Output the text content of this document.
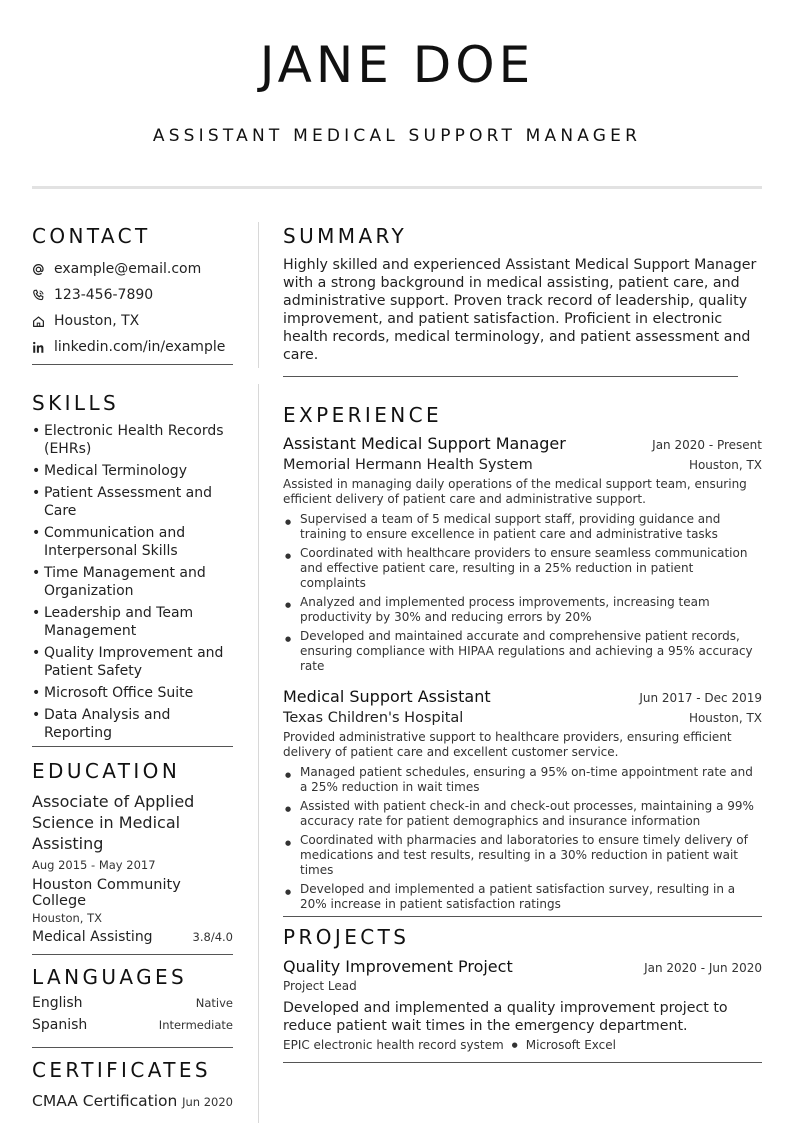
JANE DOE
ASSISTANT MEDICAL SUPPORT MANAGER
CONTACT
example@email.com
123-456-7890
Houston, TX
linkedin.com/in/example
SKILLS
• Electronic Health Records (EHRs)
• Medical Terminology
• Patient Assessment and Care
• Communication and Interpersonal Skills
• Time Management and Organization
• Leadership and Team Management
• Quality Improvement and Patient Safety
• Microsoft Office Suite
• Data Analysis and Reporting
EDUCATION
Associate of Applied Science in Medical Assisting
Aug 2015 - May 2017
Houston Community College
Houston, TX
Medical Assisting	3.8/4.0
LANGUAGES
English	Native
Spanish	Intermediate
CERTIFICATES
CMAA Certification Jun 2020
SUMMARY
Highly skilled and experienced Assistant Medical Support Manager with a strong background in medical assisting, patient care, and administrative support. Proven track record of leadership, quality improvement, and patient satisfaction. Proficient in electronic health records, medical terminology, and patient assessment and care.
EXPERIENCE
Assistant Medical Support Manager	Jan 2020 - Present
Memorial Hermann Health System	Houston, TX
Assisted in managing daily operations of the medical support team, ensuring efficient delivery of patient care and administrative support.
● Supervised a team of 5 medical support staff, providing guidance and training to ensure excellence in patient care and administrative tasks
● Coordinated with healthcare providers to ensure seamless communication and effective patient care, resulting in a 25% reduction in patient complaints
● Analyzed and implemented process improvements, increasing team productivity by 30% and reducing errors by 20%
● Developed and maintained accurate and comprehensive patient records, ensuring compliance with HIPAA regulations and achieving a 95% accuracy rate
Medical Support Assistant	Jun 2017 - Dec 2019
Texas Children's Hospital	Houston, TX
Provided administrative support to healthcare providers, ensuring efficient delivery of patient care and excellent customer service.
● Managed patient schedules, ensuring a 95% on-time appointment rate and a 25% reduction in wait times
● Assisted with patient check-in and check-out processes, maintaining a 99% accuracy rate for patient demographics and insurance information
● Coordinated with pharmacies and laboratories to ensure timely delivery of medications and test results, resulting in a 30% reduction in patient wait times
● Developed and implemented a patient satisfaction survey, resulting in a 20% increase in patient satisfaction ratings
PROJECTS
Quality Improvement Project	Jan 2020 - Jun 2020
Project Lead
Developed and implemented a quality improvement project to reduce patient wait times in the emergency department.
EPIC electronic health record system ● Microsoft Excel
